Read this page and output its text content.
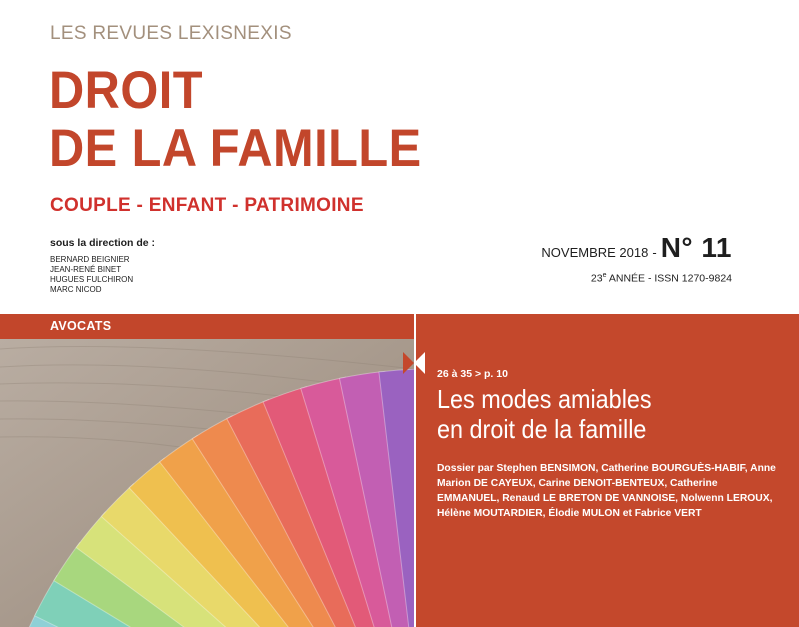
LES REVUES LEXISNEXIS
DROIT
DE LA FAMILLE
COUPLE - ENFANT - PATRIMOINE
sous la direction de :
BERNARD BEIGNIER
JEAN-RENÉ BINET
HUGUES FULCHIRON
MARC NICOD
NOVEMBRE 2018 - N° 11
23e ANNÉE - ISSN 1270-9824
AVOCATS
26 à 35 > p. 10
Les modes amiables
en droit de la famille
Dossier par Stephen BENSIMON, Catherine BOURGUÈS-HABIF, Anne Marion DE CAYEUX, Carine DENOIT-BENTEUX, Catherine EMMANUEL, Renaud LE BRETON DE VANNOISE, Nolwenn LEROUX, Hélène MOUTARDIER, Élodie MULON et Fabrice VERT
